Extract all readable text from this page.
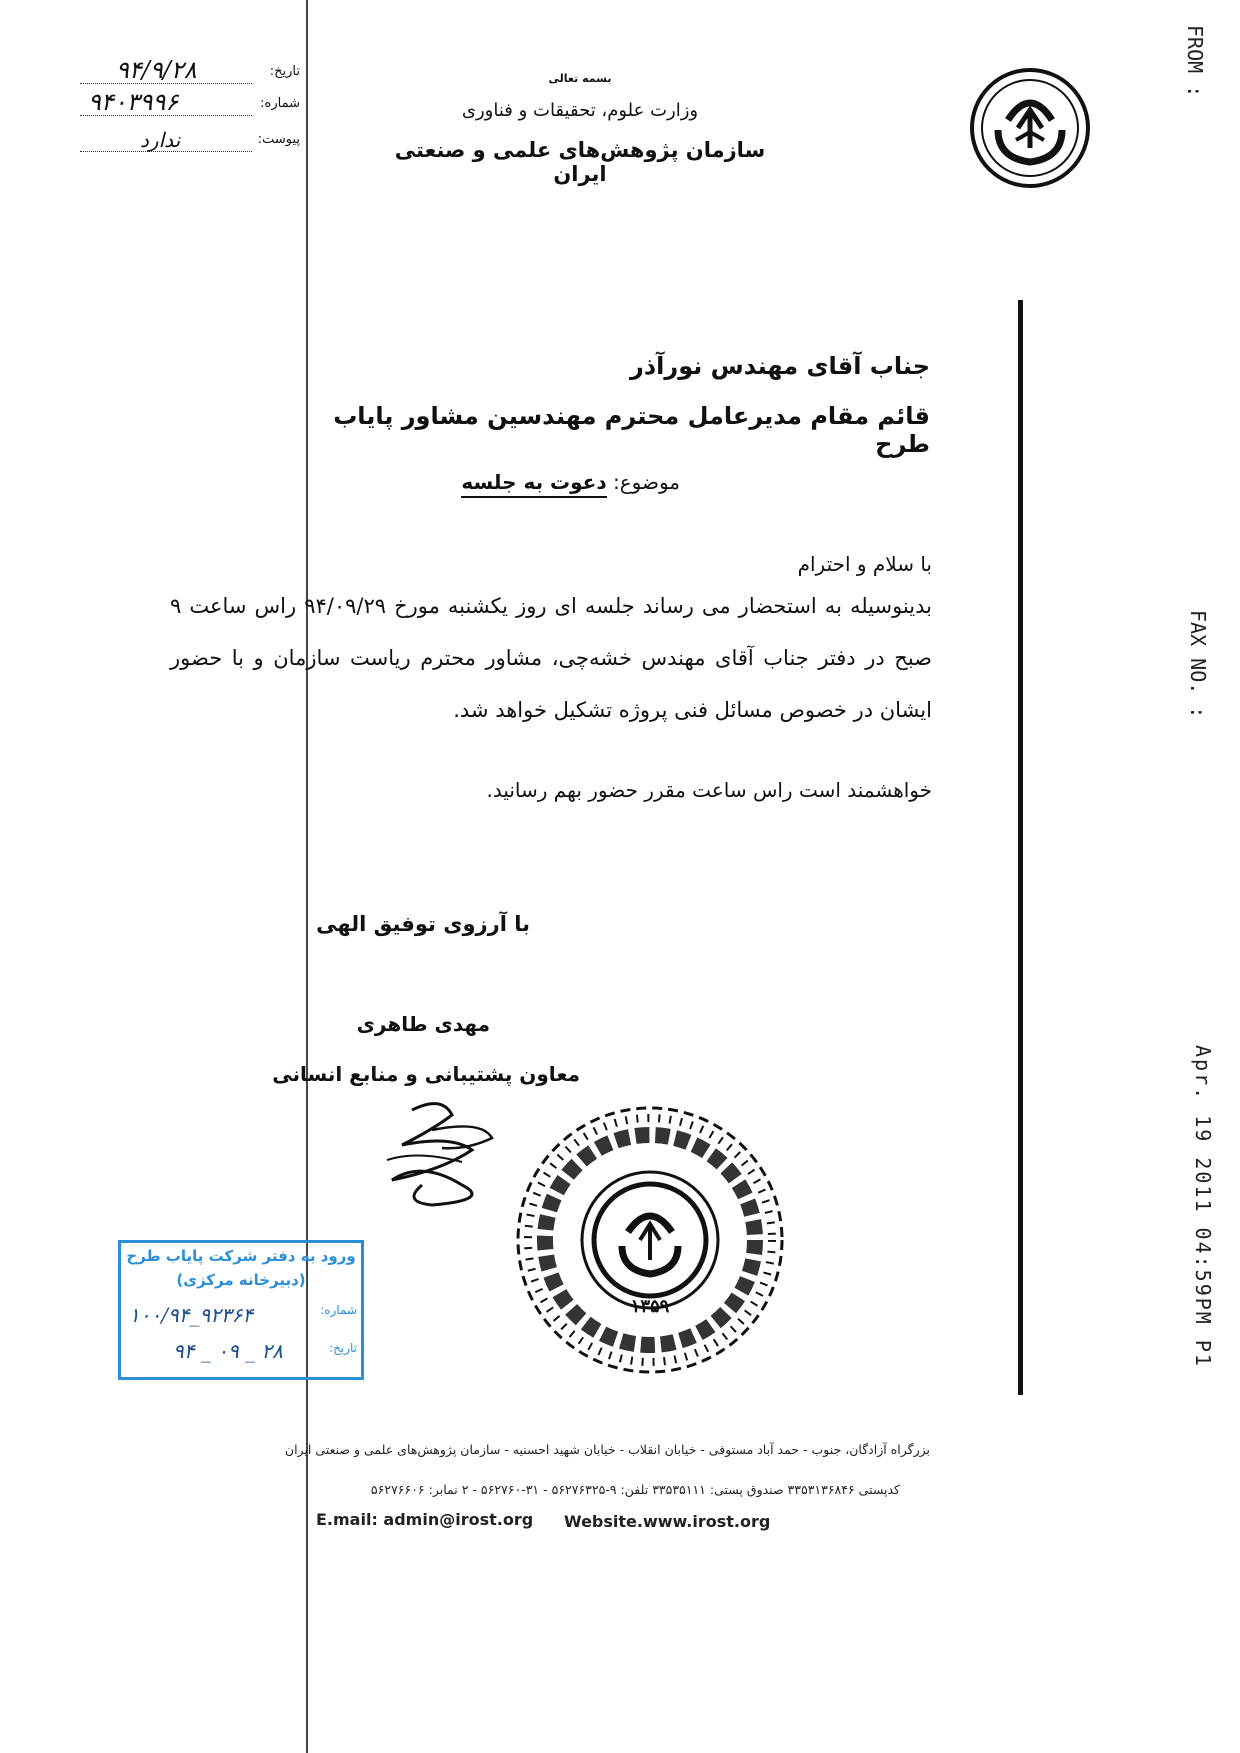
FROM :
FAX NO. :
Apr. 19 2011 04:59PM P1
بسمه تعالی
وزارت علوم، تحقیقات و فناوری
سازمان پژوهش‌های علمی و صنعتی ایران
تاریخ:
۹۴/۹/۲۸
شماره:
۹۴۰۳۹۹۶
پیوست:
ندارد
جناب آقای مهندس نورآذر
قائم مقام مدیرعامل محترم مهندسین مشاور پایاب طرح
موضوع: دعوت به جلسه
با سلام و احترام
بدینوسیله به استحضار می رساند جلسه ای روز یکشنبه مورخ ۹۴/۰۹/۲۹ راس ساعت ۹ صبح در دفتر جناب آقای مهندس خشه‌چی، مشاور محترم ریاست سازمان و با حضور ایشان در خصوص مسائل فنی پروژه تشکیل خواهد شد.
خواهشمند است راس ساعت مقرر حضور بهم رسانید.
با آرزوی توفیق الهی
مهدی طاهری
معاون پشتیبانی و منابع انسانی
۱۳۵۹
ورود به دفتر شرکت پایاب طرح
(دبیرخانه مرکزی)
شماره:
۱۰۰/۹۴_۹۲۳۶۴
تاریخ:
۹۴ _ ۰۹ _ ۲۸
بزرگراه آزادگان، جنوب - حمد آباد مستوفی - خیابان انقلاب - خیابان شهید احسنیه - سازمان پژوهش‌های علمی و صنعتی ایران
کدپستی ۳۳۵۳۱۳۶۸۴۶ صندوق پستی: ۳۳۵۳۵۱۱۱ تلفن: ۹-۵۶۲۷۶۳۲۵ - ۳۱-۵۶۲۷۶۰ - ۲ نمابر: ۵۶۲۷۶۶۰۶
E.mail: admin@irost.org Website.www.irost.org
